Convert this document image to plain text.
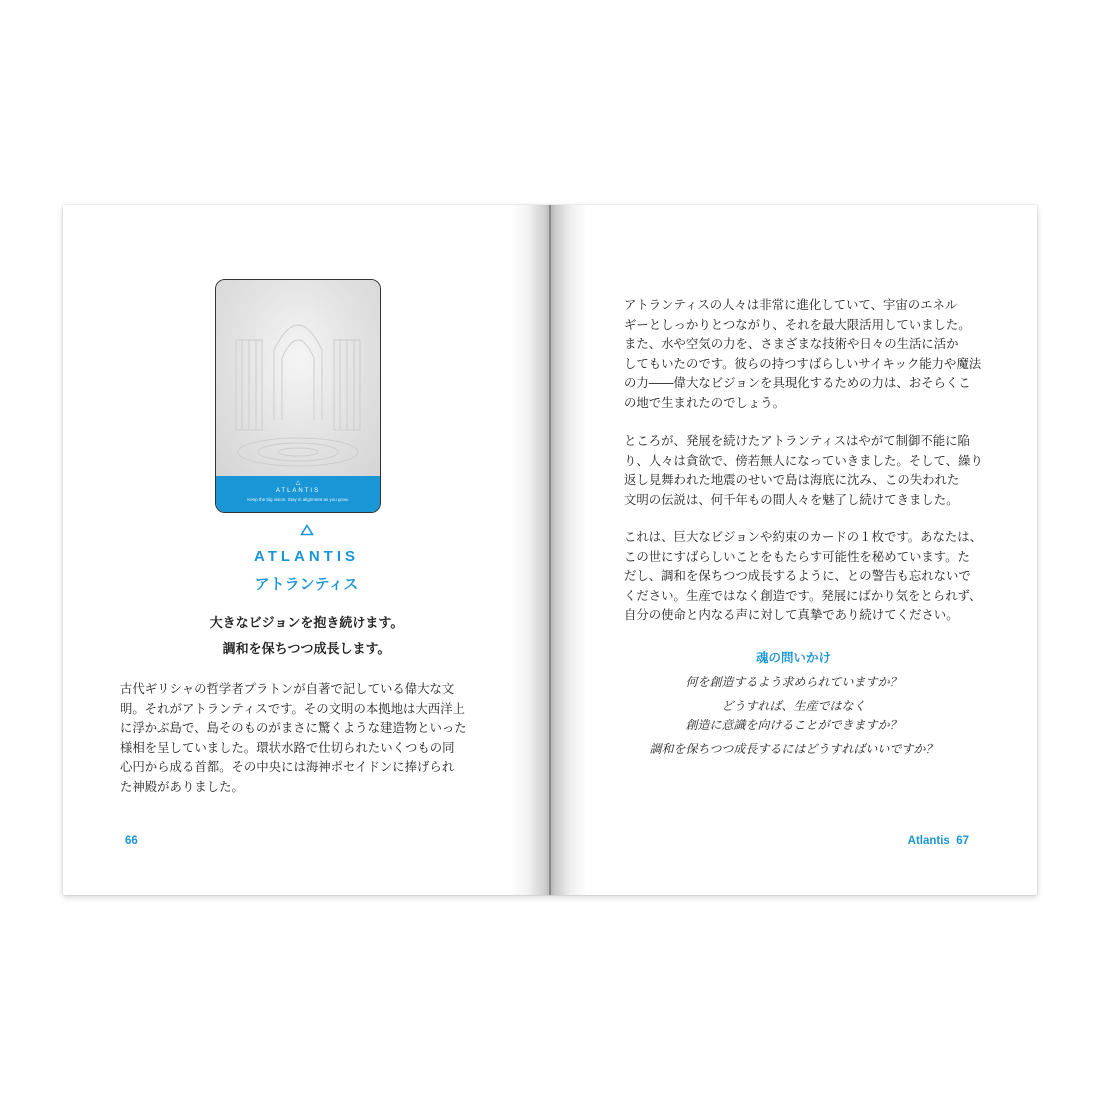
△
ATLANTIS
Keep the big vision. Stay in alignment as you grow.
ATLANTIS
アトランティス
大きなビジョンを抱き続けます。
調和を保ちつつ成長します。

古代ギリシャの哲学者プラトンが自著で記している偉大な文
明。それがアトランティスです。その文明の本拠地は大西洋上
に浮かぶ島で、島そのものがまさに驚くような建造物といった
様相を呈していました。環状水路で仕切られたいくつもの同
心円から成る首都。その中央には海神ポセイドンに捧げられ
た神殿がありました。

66

アトランティスの人々は非常に進化していて、宇宙のエネル
ギーとしっかりとつながり、それを最大限活用していました。
また、水や空気の力を、さまざまな技術や日々の生活に活か
してもいたのです。彼らの持つすばらしいサイキック能力や魔法
の力――偉大なビジョンを具現化するための力は、おそらくこ
の地で生まれたのでしょう。

ところが、発展を続けたアトランティスはやがて制御不能に陥
り、人々は貪欲で、傍若無人になっていきました。そして、繰り
返し見舞われた地震のせいで島は海底に沈み、この失われた
文明の伝説は、何千年もの間人々を魅了し続けてきました。

これは、巨大なビジョンや約束のカードの１枚です。あなたは、
この世にすばらしいことをもたらす可能性を秘めています。た
だし、調和を保ちつつ成長するように、との警告も忘れないで
ください。生産ではなく創造です。発展にばかり気をとられず、
自分の使命と内なる声に対して真摯であり続けてください。

魂の問いかけ
何を創造するよう求められていますか？
どうすれば、生産ではなく
創造に意識を向けることができますか？
調和を保ちつつ成長するにはどうすればいいですか？
Atlantis 67
